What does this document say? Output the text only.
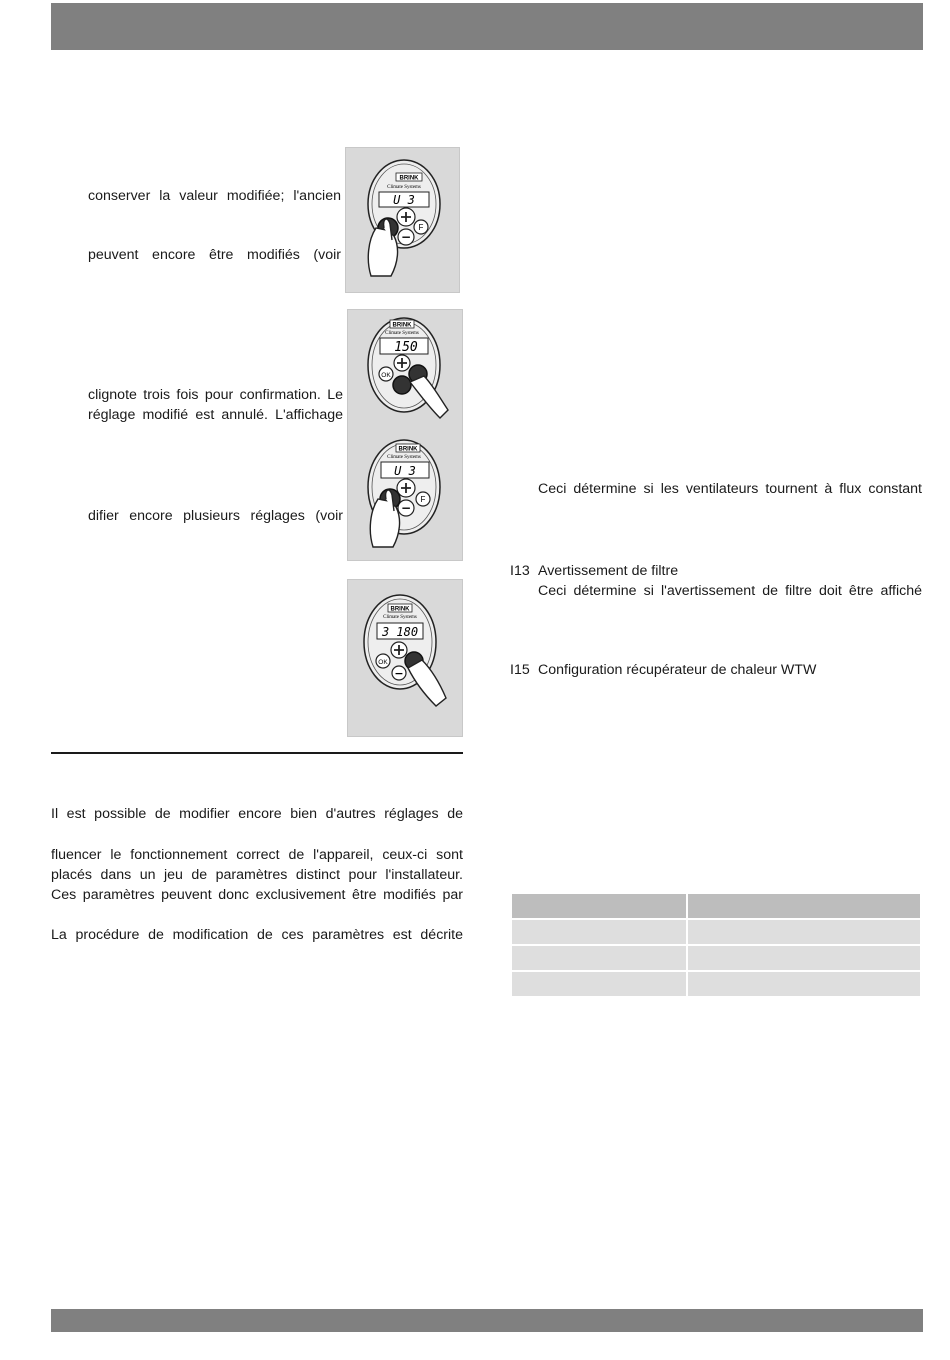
conserver la valeur modifiée; l'ancien
peuvent encore être modifiés (voir
clignote trois fois pour confirmation. Le
réglage modifié est annulé. L'affichage
difier encore plusieurs réglages (voir
BRINK
Climate Systems
U 3
−
F
BRINK
Climate Systems
150
OK
BRINK
Climate Systems
U 3
−
F
BRINK
Climate Systems
3 180
OK
−
Il est possible de modifier encore bien d'autres réglages de
fluencer le fonctionnement correct de l'appareil, ceux-ci sont
placés dans un jeu de paramètres distinct pour l'installateur.
Ces paramètres peuvent donc exclusivement être modifiés par
La procédure de modification de ces paramètres est décrite
Ceci détermine si les ventilateurs tournent à flux constant
I13 Avertissement de filtre
Ceci détermine si l'avertissement de filtre doit être affiché
I15 Configuration récupérateur de chaleur WTW
